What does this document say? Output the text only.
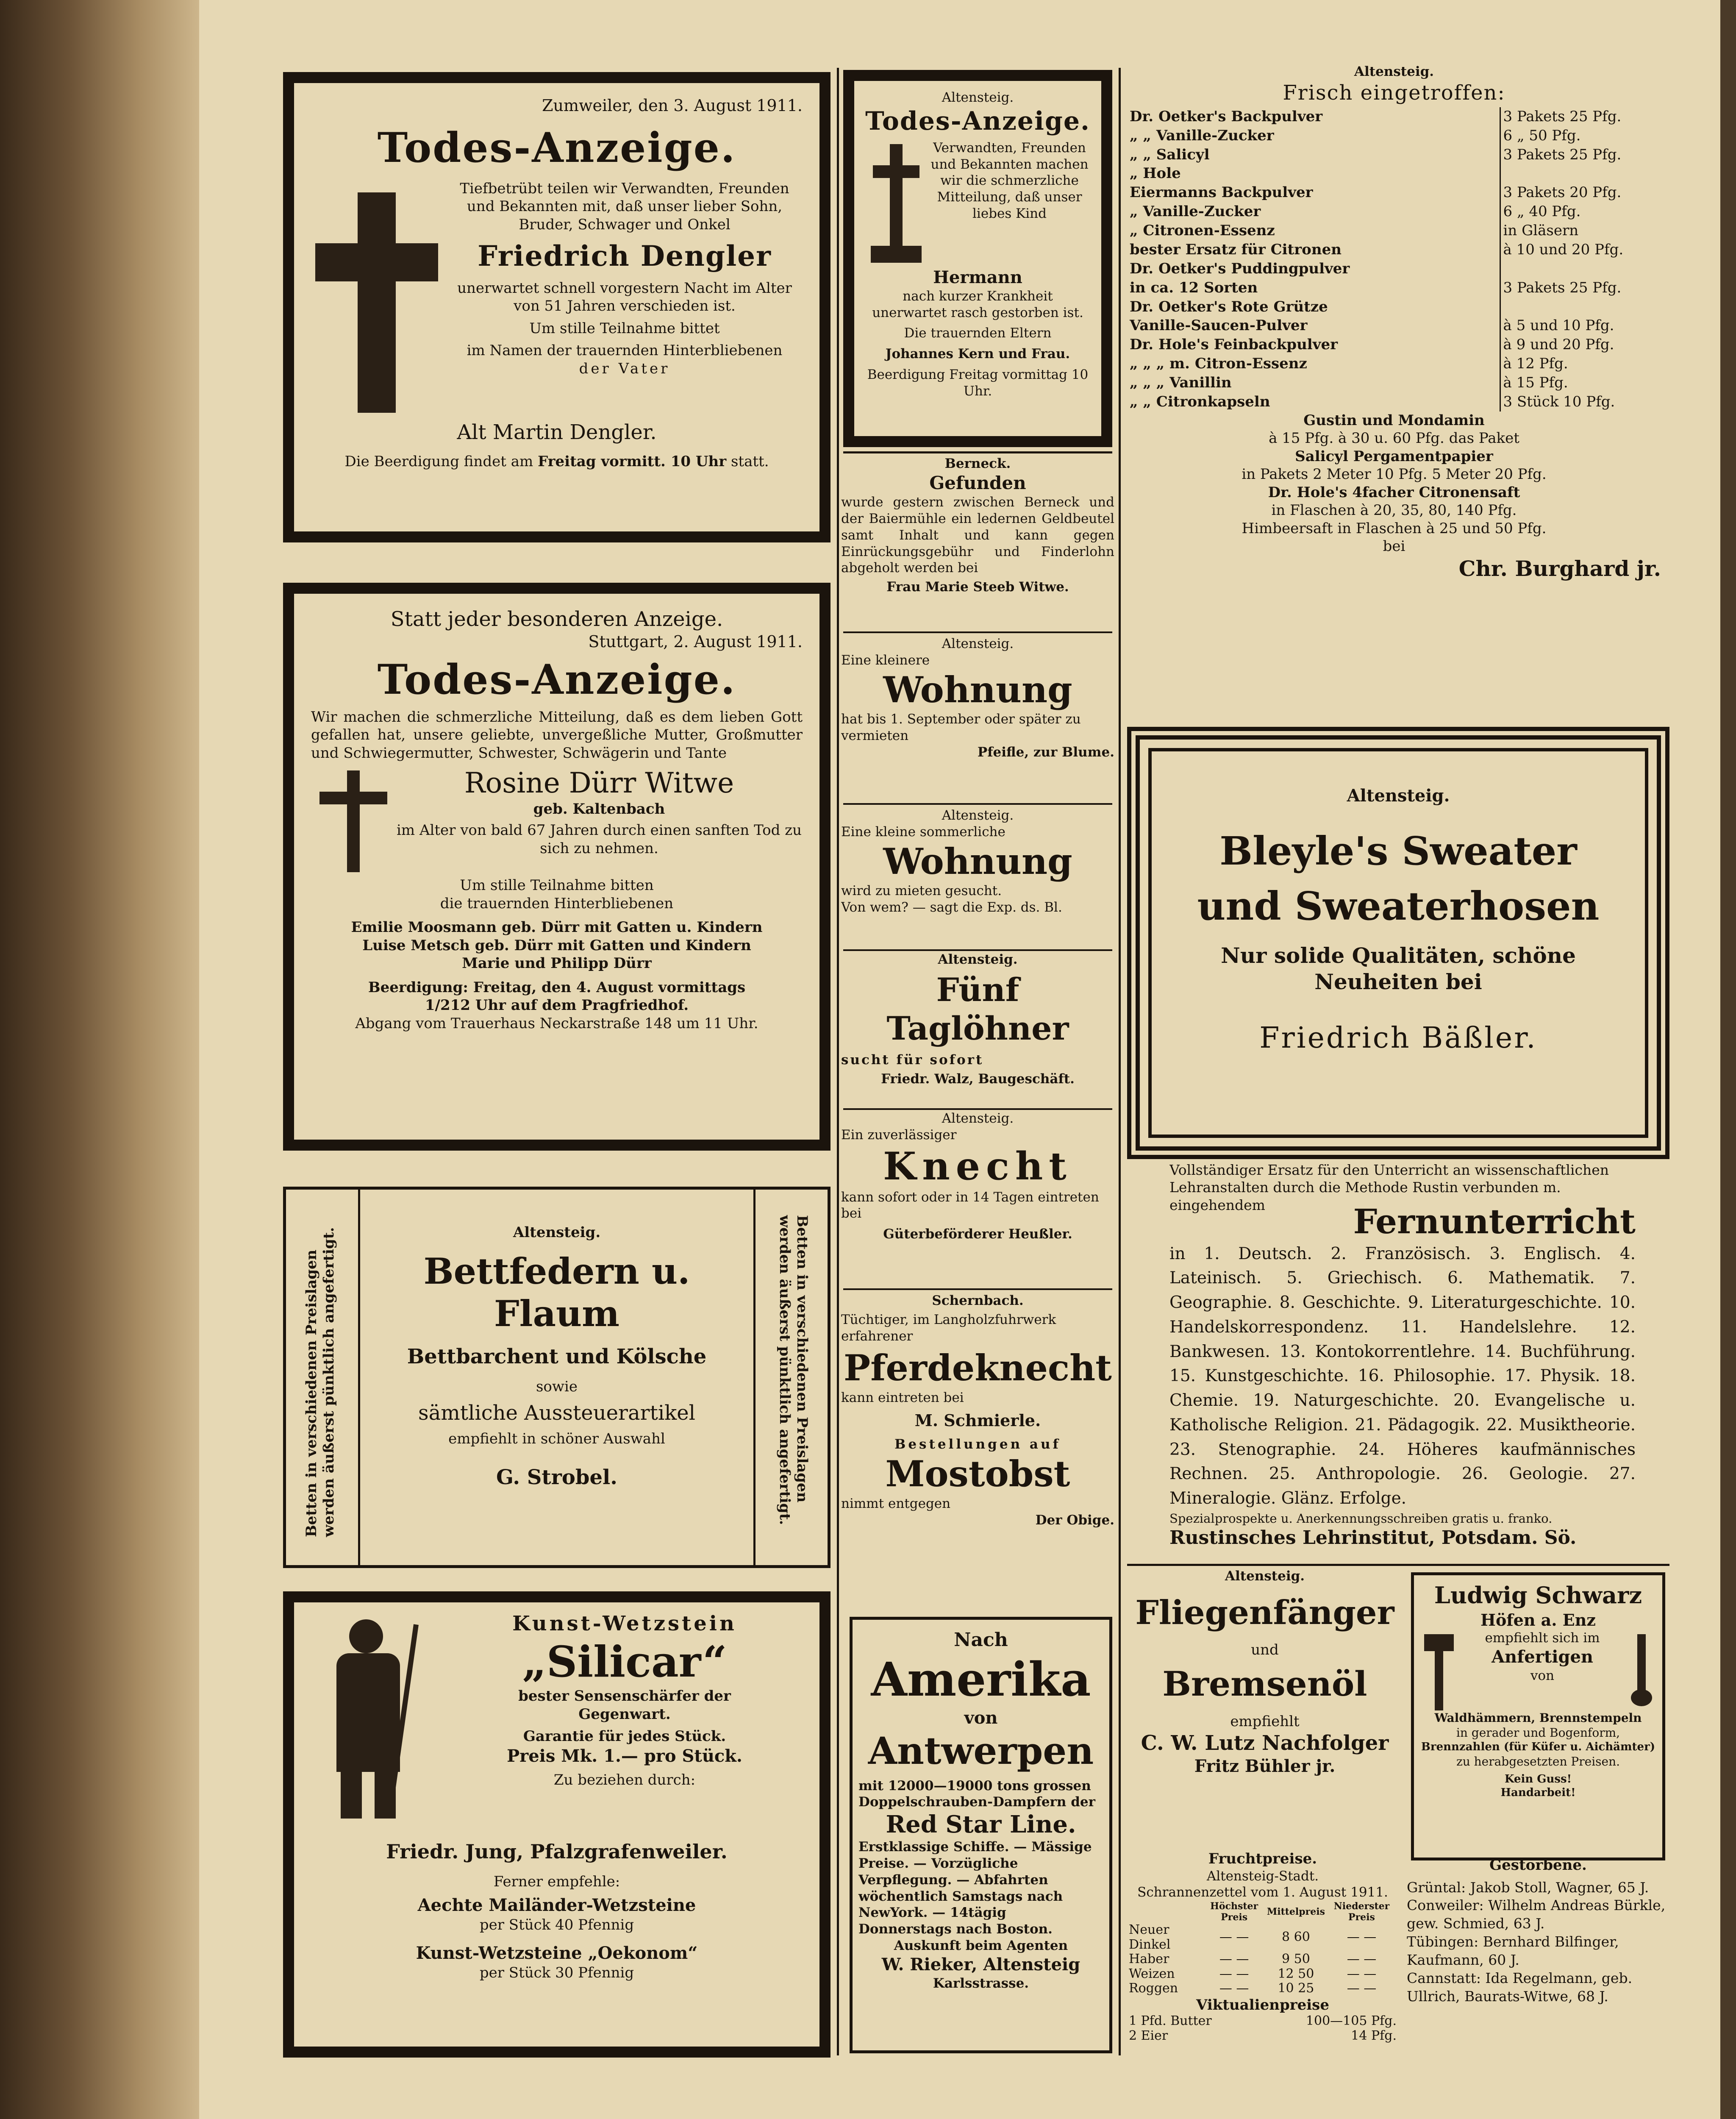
Zumweiler, den 3. August 1911.
Todes-Anzeige.
Tiefbetrübt teilen wir Verwandten, Freunden und Bekannten mit, daß unser lieber Sohn, Bruder, Schwager und Onkel
Friedrich Dengler
unerwartet schnell vorgestern Nacht im Alter von 51 Jahren verschieden ist.
Um stille Teilnahme bittet
im Namen der trauernden Hinterbliebenen
der Vater
Alt Martin Dengler.
Die Beerdigung findet am Freitag vormitt. 10 Uhr statt.
Statt jeder besonderen Anzeige.
Stuttgart, 2. August 1911.
Todes-Anzeige.
Wir machen die schmerzliche Mitteilung, daß es dem lieben Gott gefallen hat, unsere geliebte, unvergeßliche Mutter, Großmutter und Schwiegermutter, Schwester, Schwägerin und Tante
Rosine Dürr Witwe
geb. Kaltenbach
im Alter von bald 67 Jahren durch einen sanften Tod zu sich zu nehmen.
Um stille Teilnahme bitten
die trauernden Hinterbliebenen
Emilie Moosmann geb. Dürr mit Gatten u. Kindern
Luise Metsch geb. Dürr mit Gatten und Kindern
Marie und Philipp Dürr
Beerdigung: Freitag, den 4. August vormittags
1/212 Uhr auf dem Pragfriedhof.
Abgang vom Trauerhaus Neckarstraße 148 um 11 Uhr.
Betten in verschiedenen Preislagen werden äußerst pünktlich angefertigt.	Betten in verschiedenen Preislagen werden äußerst pünktlich angefertigt.
Altensteig.
Bettfedern u. Flaum
Bettbarchent und Kölsche
sowie
sämtliche Aussteuerartikel
empfiehlt in schöner Auswahl
G. Strobel.
Kunst-Wetzstein
„Silicar“
bester Sensenschärfer der
Gegenwart.
Garantie für jedes Stück.
Preis Mk. 1.— pro Stück.
Zu beziehen durch:
Friedr. Jung, Pfalzgrafenweiler.
Ferner empfehle:
Aechte Mailänder-Wetzsteine
per Stück 40 Pfennig
Kunst-Wetzsteine „Oekonom“
per Stück 30 Pfennig
Altensteig.
Todes-Anzeige.
Verwandten, Freunden und Bekannten machen wir die schmerzliche Mitteilung, daß unser liebes Kind
Hermann
nach kurzer Krankheit unerwartet rasch gestorben ist.
Die trauernden Eltern
Johannes Kern und Frau.
Beerdigung Freitag vormittag 10 Uhr.
Berneck.
Gefunden
wurde gestern zwischen Berneck und der Baiermühle ein ledernen Geldbeutel samt Inhalt und kann gegen Einrückungsgebühr und Finderlohn abgeholt werden bei
Frau Marie Steeb Witwe.
Altensteig.
Eine kleinere
Wohnung
hat bis 1. September oder später zu vermieten
Pfeifle, zur Blume.
Altensteig.
Eine kleine sommerliche
Wohnung
wird zu mieten gesucht.
Von wem? — sagt die Exp. ds. Bl.
Altensteig.
Fünf Taglöhner
sucht für sofort
Friedr. Walz, Baugeschäft.
Altensteig.
Ein zuverlässiger
Knecht
kann sofort oder in 14 Tagen eintreten bei
Güterbeförderer Heußler.
Schernbach.
Tüchtiger, im Langholzfuhrwerk erfahrener
Pferdeknecht
kann eintreten bei
M. Schmierle.
Bestellungen auf
Mostobst
nimmt entgegen
Der Obige.
Nach
Amerika
von
Antwerpen
mit 12000—19000 tons grossen Doppelschrauben-Dampfern der
Red Star Line.
Erstklassige Schiffe. — Mässige Preise. — Vorzügliche Verpflegung. — Abfahrten wöchentlich Samstags nach NewYork. — 14tägig Donnerstags nach Boston.
Auskunft beim Agenten
W. Rieker, Altensteig
Karlsstrasse.
Altensteig.
Frisch eingetroffen:
Dr. Oetker's Backpulver	3 Pakets 25 Pfg.
„ „ Vanille-Zucker	6 „ 50 Pfg.
„ „ Salicyl	3 Pakets 25 Pfg.
„ Hole	
Eiermanns Backpulver	3 Pakets 20 Pfg.
„ Vanille-Zucker	6 „ 40 Pfg.
„ Citronen-Essenz	in Gläsern
bester Ersatz für Citronen	à 10 und 20 Pfg.
Dr. Oetker's Puddingpulver	
in ca. 12 Sorten	3 Pakets 25 Pfg.
Dr. Oetker's Rote Grütze	
Vanille-Saucen-Pulver	à 5 und 10 Pfg.
Dr. Hole's Feinbackpulver	à 9 und 20 Pfg.
„ „ „ m. Citron-Essenz	à 12 Pfg.
„ „ „ Vanillin	à 15 Pfg.
„ „ Citronkapseln	3 Stück 10 Pfg.
Gustin und Mondamin
à 15 Pfg. à 30 u. 60 Pfg. das Paket
Salicyl Pergamentpapier
in Pakets 2 Meter 10 Pfg. 5 Meter 20 Pfg.
Dr. Hole's 4facher Citronensaft
in Flaschen à 20, 35, 80, 140 Pfg.
Himbeersaft in Flaschen à 25 und 50 Pfg.
bei
Chr. Burghard jr.
Altensteig.
Bleyle's Sweater
und Sweaterhosen
Nur solide Qualitäten, schöne Neuheiten bei
Friedrich Bäßler.
Vollständiger Ersatz für den Unterricht an wissenschaftlichen Lehranstalten durch die Methode Rustin verbunden m. eingehendem	Fernunterricht
in 1. Deutsch. 2. Französisch. 3. Englisch. 4. Lateinisch. 5. Griechisch. 6. Mathematik. 7. Geographie. 8. Geschichte. 9. Literaturgeschichte. 10. Handelskorrespondenz. 11. Handelslehre. 12. Bankwesen. 13. Kontokorrentlehre. 14. Buchführung. 15. Kunstgeschichte. 16. Philosophie. 17. Physik. 18. Chemie. 19. Naturgeschichte. 20. Evangelische u. Katholische Religion. 21. Pädagogik. 22. Musiktheorie. 23. Stenographie. 24. Höheres kaufmännisches Rechnen. 25. Anthropologie. 26. Geologie. 27. Mineralogie. Glänz. Erfolge.
Spezialprospekte u. Anerkennungsschreiben gratis u. franko.
Rustinsches Lehrinstitut, Potsdam. Sö.
Altensteig.
Fliegenfänger
und
Bremsenöl
empfiehlt
C. W. Lutz Nachfolger
Fritz Bühler jr.
Ludwig Schwarz
Höfen a. Enz
empfiehlt sich im
Anfertigen
von
Waldhämmern, Brennstempeln
in gerader und Bogenform,
Brennzahlen (für Küfer u. Aichämter)
zu herabgesetzten Preisen.
Kein Guss!
Handarbeit!
Fruchtpreise.
Altensteig-Stadt.
Schrannenzettel vom 1. August 1911.
	Höchster Preis	Mittelpreis	Niederster Preis
Neuer Dinkel	— —	8 60	— —
Haber	— —	9 50	— —
Weizen	— —	12 50	— —
Roggen	— —	10 25	— —
Viktualienpreise
1 Pfd. Butter	100—105 Pfg.
2 Eier	14 Pfg.
Gestorbene.
Grüntal: Jakob Stoll, Wagner, 65 J.
Conweiler: Wilhelm Andreas Bürkle, gew. Schmied, 63 J.
Tübingen: Bernhard Bilfinger, Kaufmann, 60 J.
Cannstatt: Ida Regelmann, geb. Ullrich, Baurats-Witwe, 68 J.
